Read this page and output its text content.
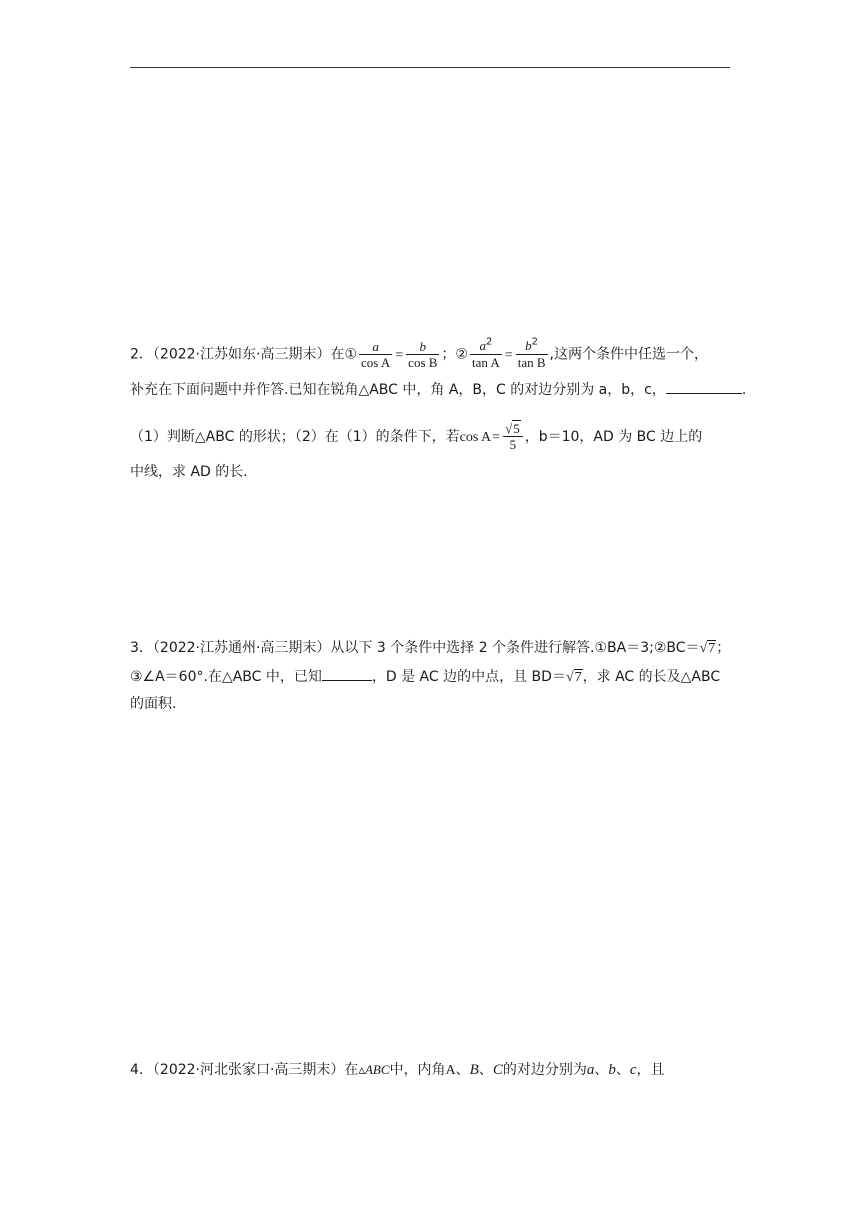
2．（2022·江苏如东·高三期末）在① $\frac{a}{\text{cos A}} = \frac{b}{\text{cos B}}$ ；② $\frac{a^2}{\text{tan A}} = \frac{b^2}{\text{tan B}}$ ,这两个条件中任选一个，
补充在下面问题中并作答.已知在锐角△ABC 中，角 A，B，C 的对边分别为 a，b，c，	.
（1）判断△ABC 的形状；（2）在（1）的条件下，若$\cos A= \frac{√5}{5}$ ，b＝10，AD 为 BC 边上的
中线，求 AD 的长.
3．（2022·江苏通州·高三期末）从以下 3 个条件中选择 2 个条件进行解答.①BA＝3;②BC＝√7；
③∠A＝60°.在△ABC 中，已知	，D 是 AC 边的中点，且 BD＝√7，求 AC 的长及△ABC
的面积.
4．（2022·河北张家口·高三期末）在▵ABC中，内角A、B、C的对边分别为a、b、c，且
